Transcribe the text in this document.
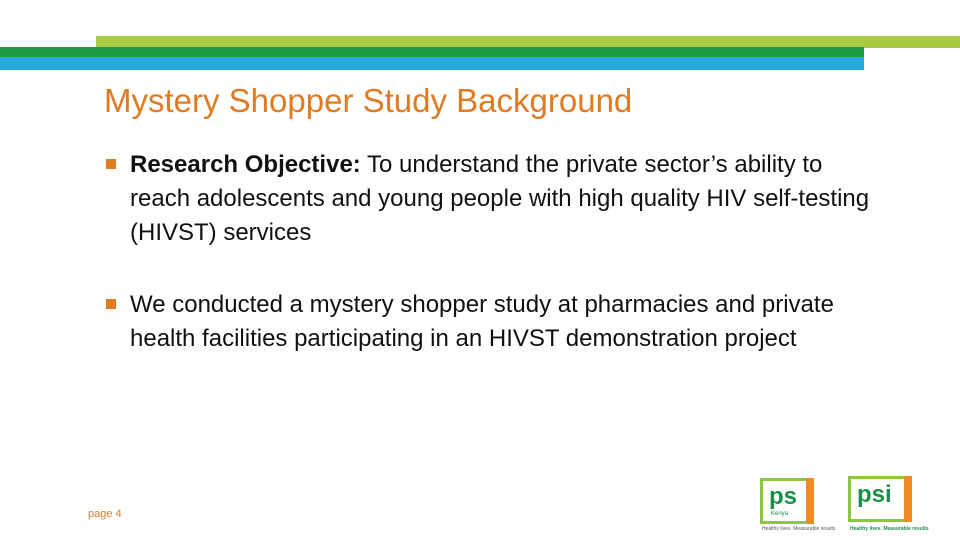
Mystery Shopper Study Background
Research Objective: To understand the private sector’s ability to reach adolescents and young people with high quality HIV self-testing (HIVST) services
We conducted a mystery shopper study at pharmacies and private health facilities participating in an HIVST demonstration project
page 4
ps
Kenya
Healthy lives. Measurable results
psi
Healthy lives. Measurable results
